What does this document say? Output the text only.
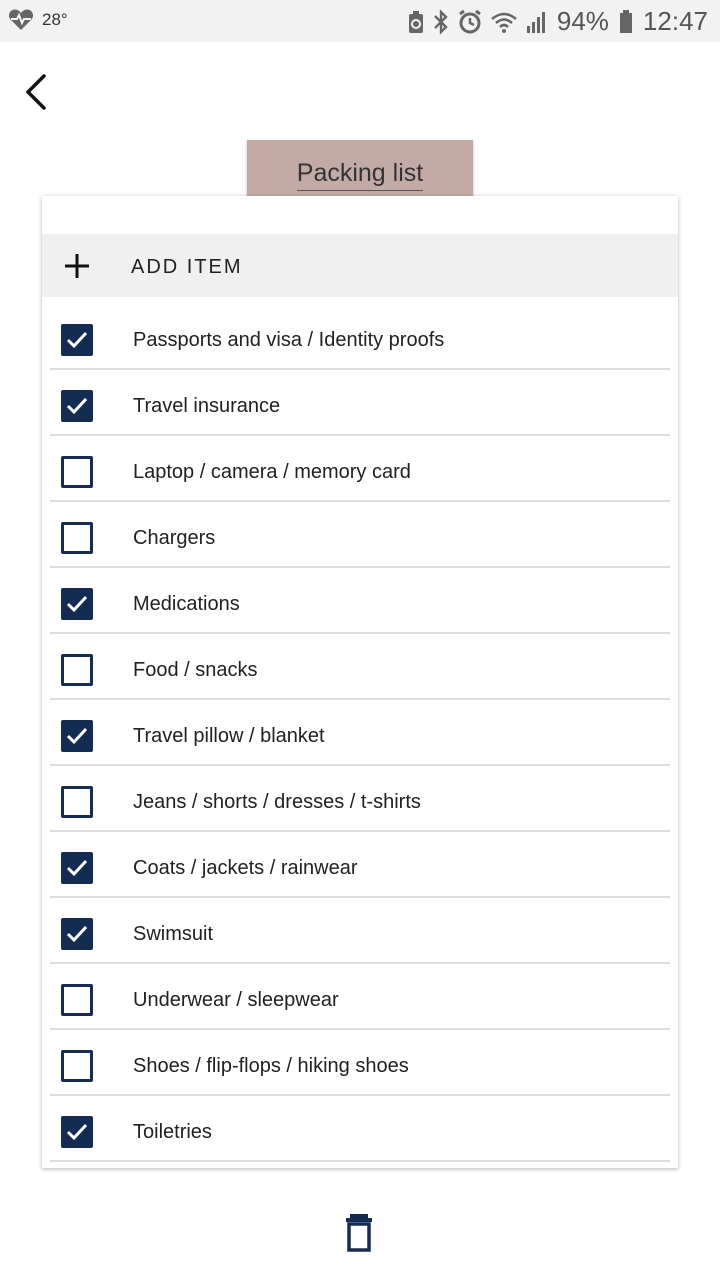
28°	94% 12:47
Packing list
ADD ITEM
Passports and visa / Identity proofs
Travel insurance
Laptop / camera / memory card
Chargers
Medications
Food / snacks
Travel pillow / blanket
Jeans / shorts / dresses / t-shirts
Coats / jackets / rainwear
Swimsuit
Underwear / sleepwear
Shoes / flip-flops / hiking shoes
Toiletries
